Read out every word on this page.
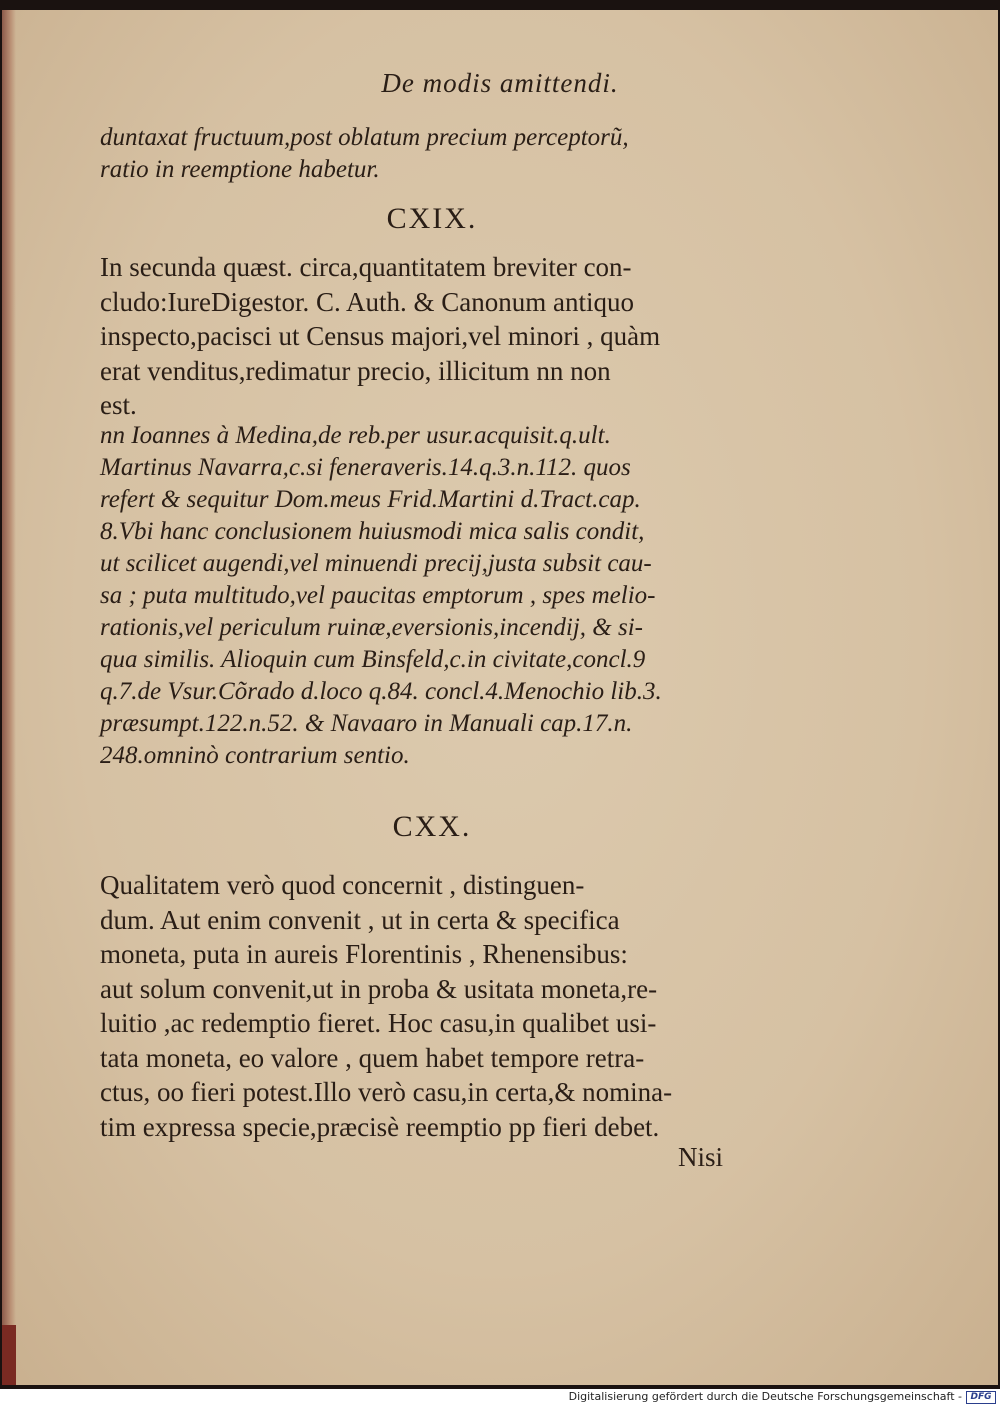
De modis amittendi.
duntaxat fructuum,post oblatum precium perceptorũ,
ratio in reemptione habetur.
CXIX.
In secunda quæst. circa,quantitatem breviter con-
cludo:IureDigestor. C. Auth. & Canonum antiquo
inspecto,pacisci ut Census majori,vel minori , quàm
erat venditus,redimatur precio, illicitum nn non
est.
nn Ioannes à Medina,de reb.per usur.acquisit.q.ult.
Martinus Navarra,c.si feneraveris.14.q.3.n.112. quos
refert & sequitur Dom.meus Frid.Martini d.Tract.cap.
8.Vbi hanc conclusionem huiusmodi mica salis condit,
ut scilicet augendi,vel minuendi precij,justa subsit cau-
sa ; puta multitudo,vel paucitas emptorum , spes melio-
rationis,vel periculum ruinæ,eversionis,incendij, & si-
qua similis. Alioquin cum Binsfeld,c.in civitate,concl.9
q.7.de Vsur.Cõrado d.loco q.84. concl.4.Menochio lib.3.
præsumpt.122.n.52. & Navaaro in Manuali cap.17.n.
248.omninò contrarium sentio.
CXX.
Qualitatem verò quod concernit , distinguen-
dum. Aut enim convenit , ut in certa & specifica
moneta, puta in aureis Florentinis , Rhenensibus:
aut solum convenit,ut in proba & usitata moneta,re-
luitio ,ac redemptio fieret. Hoc casu,in qualibet usi-
tata moneta, eo valore , quem habet tempore retra-
ctus, oo fieri potest.Illo verò casu,in certa,& nomina-
tim expressa specie,præcisè reemptio pp fieri debet.
Nisi
Digitalisierung gefördert durch die Deutsche Forschungsgemeinschaft - DFG
